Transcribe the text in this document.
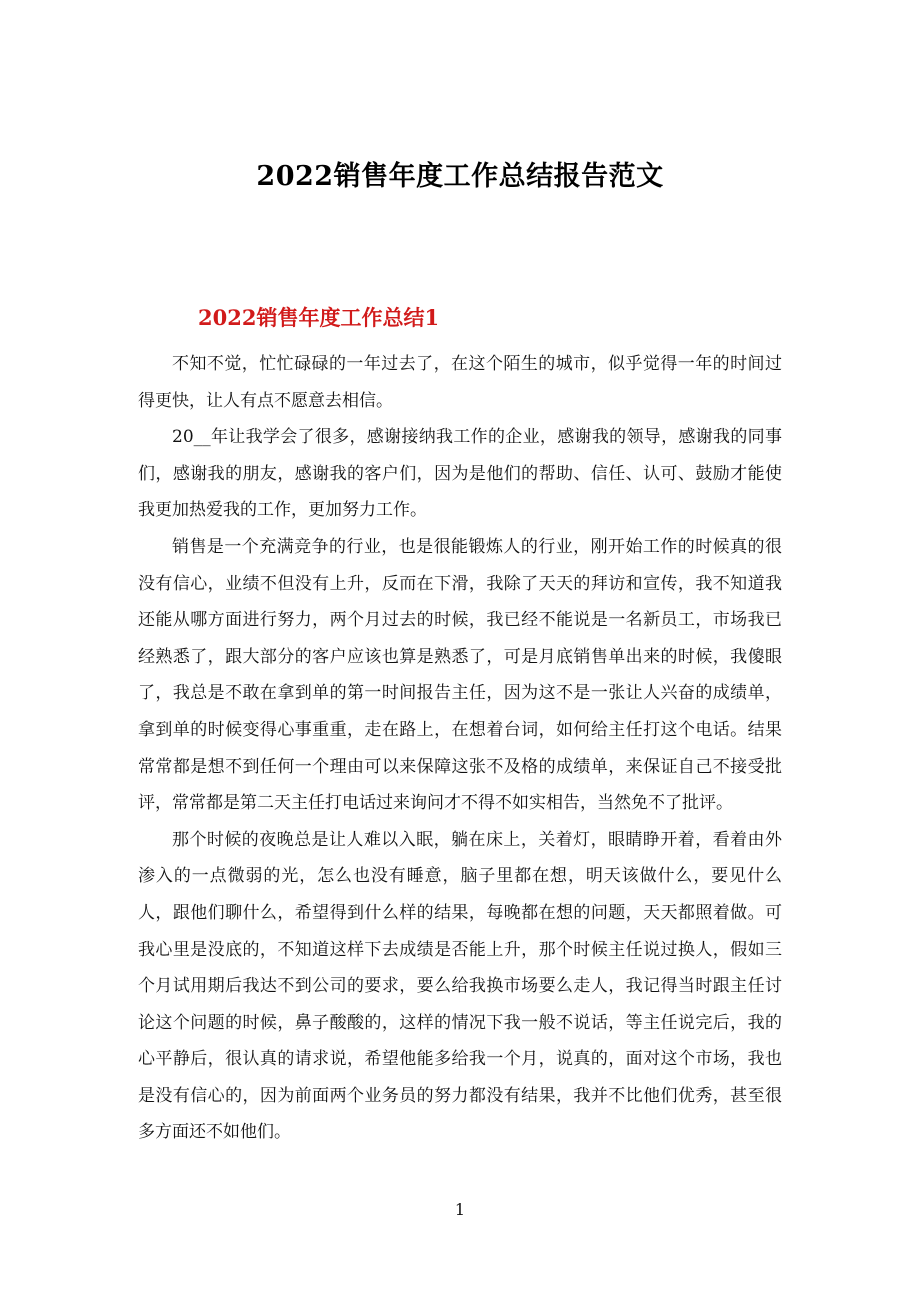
2022销售年度工作总结报告范文
2022销售年度工作总结1

不知不觉，忙忙碌碌的一年过去了，在这个陌生的城市，似乎觉得一年的时间过得更快，让人有点不愿意去相信。

20__年让我学会了很多，感谢接纳我工作的企业，感谢我的领导，感谢我的同事们，感谢我的朋友，感谢我的客户们，因为是他们的帮助、信任、认可、鼓励才能使我更加热爱我的工作，更加努力工作。

销售是一个充满竞争的行业，也是很能锻炼人的行业，刚开始工作的时候真的很没有信心，业绩不但没有上升，反而在下滑，我除了天天的拜访和宣传，我不知道我还能从哪方面进行努力，两个月过去的时候，我已经不能说是一名新员工，市场我已经熟悉了，跟大部分的客户应该也算是熟悉了，可是月底销售单出来的时候，我傻眼了，我总是不敢在拿到单的第一时间报告主任，因为这不是一张让人兴奋的成绩单，拿到单的时候变得心事重重，走在路上，在想着台词，如何给主任打这个电话。结果常常都是想不到任何一个理由可以来保障这张不及格的成绩单，来保证自己不接受批评，常常都是第二天主任打电话过来询问才不得不如实相告，当然免不了批评。

那个时候的夜晚总是让人难以入眠，躺在床上，关着灯，眼睛睁开着，看着由外渗入的一点微弱的光，怎么也没有睡意，脑子里都在想，明天该做什么，要见什么人，跟他们聊什么，希望得到什么样的结果，每晚都在想的问题，天天都照着做。可我心里是没底的，不知道这样下去成绩是否能上升，那个时候主任说过换人，假如三个月试用期后我达不到公司的要求，要么给我换市场要么走人，我记得当时跟主任讨论这个问题的时候，鼻子酸酸的，这样的情况下我一般不说话，等主任说完后，我的心平静后，很认真的请求说，希望他能多给我一个月，说真的，面对这个市场，我也是没有信心的，因为前面两个业务员的努力都没有结果，我并不比他们优秀，甚至很多方面还不如他们。

1
